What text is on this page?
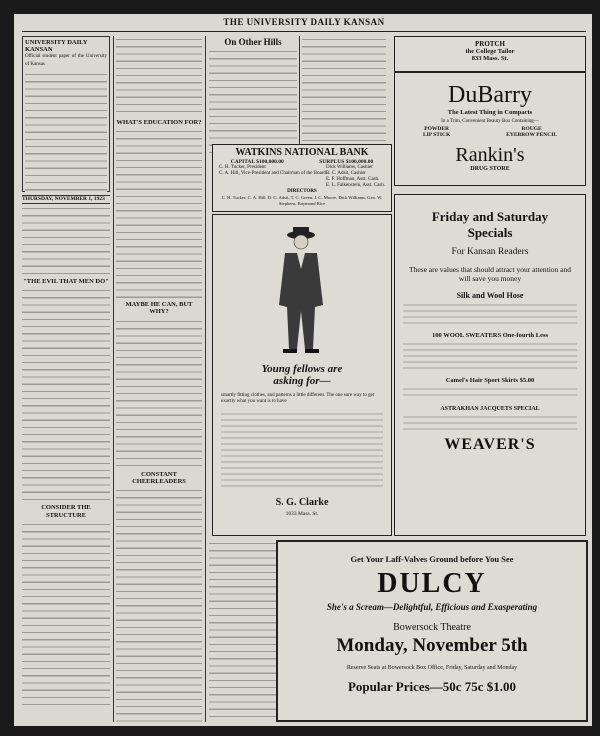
THE UNIVERSITY DAILY KANSAN
UNIVERSITY DAILY KANSAN
Official student paper of the University of Kansas
THURSDAY, NOVEMBER 1, 1923
"THE EVIL THAT MEN DO"
CONSIDER THE STRUCTURE
WHAT'S EDUCATION FOR?
MAYBE HE CAN, BUT WHY?
CONSTANT CHEERLEADERS
On Other Hills
WATKINS NATIONAL BANK
CAPITAL $100,000.00	SURPLUS $100,000.00
C. H. Tucker, President
C. A. Hill, Vice-President and Chairman of the Board
Dick Williams, Cashier
B. C. Adsit, Cashier
E. F. Hoffman, Asst. Cash.
E. L. Falkenstein, Asst. Cash.
DIRECTORS
C. H. Tucker, C. A. Hill, D. C. Adsit, T. C. Green, J. C. Moore, Dick Williams, Geo. W. Stephens, Raymond Rice
PROTCH
the College Tailor
833 Mass. St.
DuBarry
The Latest Thing in Compacts
In a Trim, Convenient Beauty Box Containing—
POWDER
LIP STICK
ROUGE
EYEBROW PENCIL
Rankin's
DRUG STORE
Young fellows are
asking for—
smartly fitting clothes, and patterns a little different. The one sure way to get exactly what you want is to have
S. G. Clarke
1033 Mass. St.
Friday and Saturday
Specials
For Kansan Readers
These are values that should attract your attention and will save you money
Silk and Wool Hose
100 WOOL SWEATERS One-fourth Less
Camel's Hair Sport Skirts $5.00
ASTRAKHAN JACQUETS SPECIAL
WEAVER'S
Get Your Laff-Valves Ground before You See
DULCY
She's a Scream—Delightful, Efficious and Exasperating
Bowersock Theatre
Monday, November 5th
Reserve Seats at Bowersock Box Office, Friday, Saturday and Monday
Popular Prices—50c 75c $1.00
